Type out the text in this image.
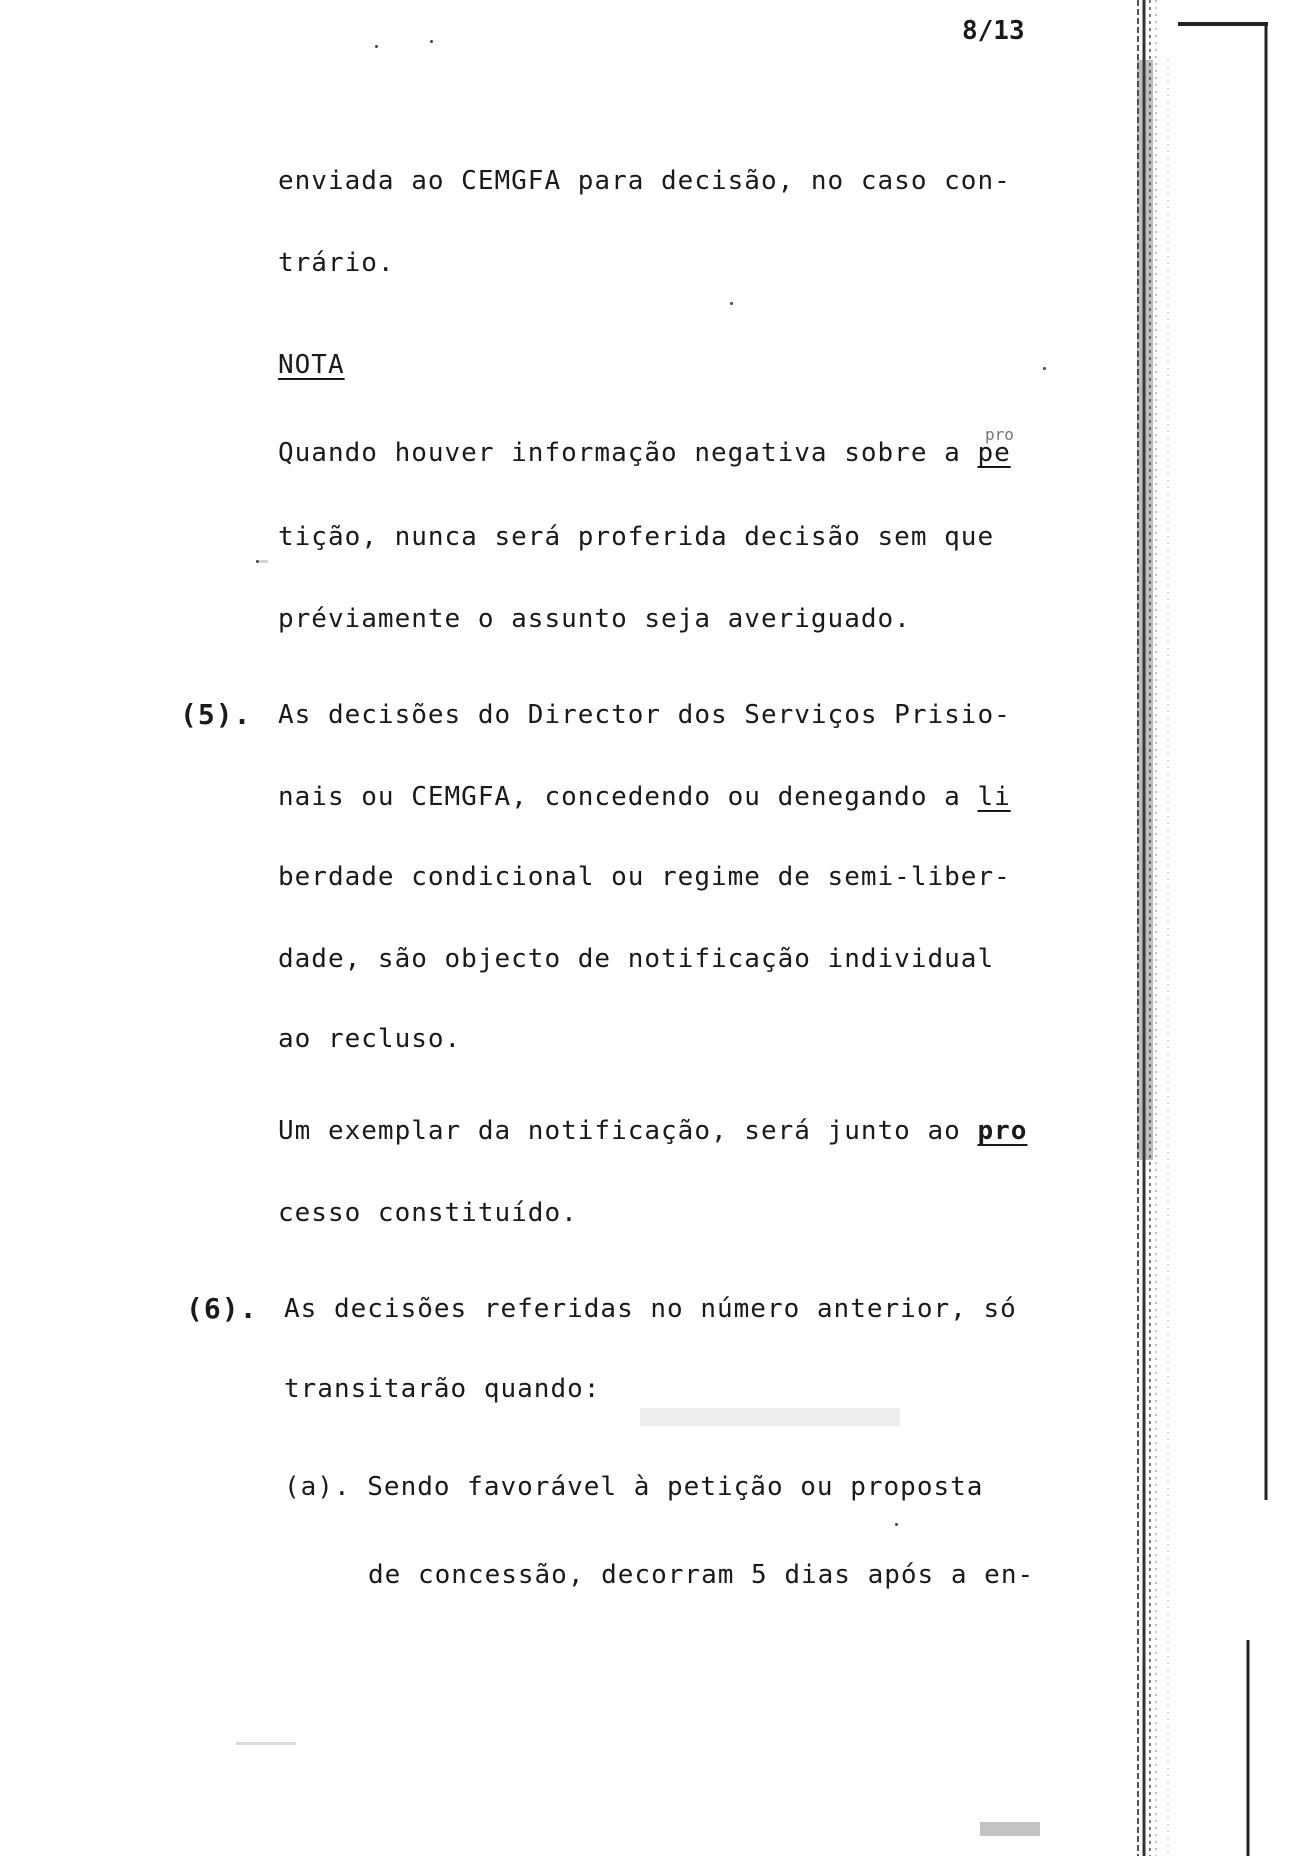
8/13
enviada ao CEMGFA para decisão, no caso con-
trário.
NOTA
pro
Quando houver informação negativa sobre a pe
tição, nunca será proferida decisão sem que
préviamente o assunto seja averiguado.
(5). As decisões do Director dos Serviços Prisio-
nais ou CEMGFA, concedendo ou denegando a li
berdade condicional ou regime de semi-liber-
dade, são objecto de notificação individual
ao recluso.
Um exemplar da notificação, será junto ao pro
cesso constituído.
(6). As decisões referidas no número anterior, só
transitarão quando:
(a). Sendo favorável à petição ou proposta
de concessão, decorram 5 dias após a en-
